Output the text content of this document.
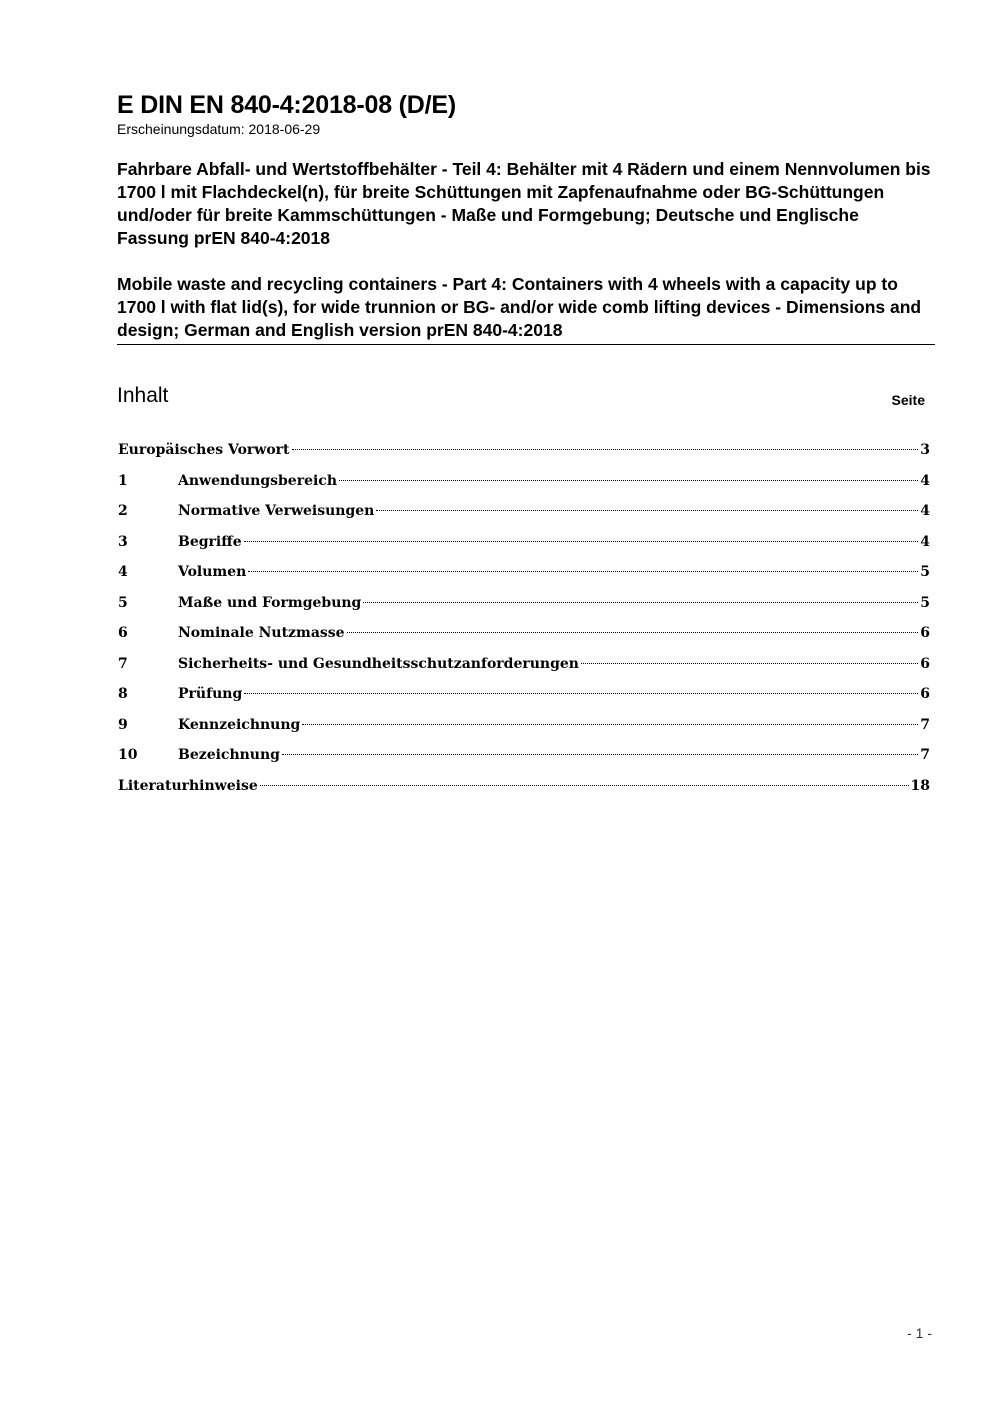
E DIN EN 840-4:2018-08 (D/E)

Erscheinungsdatum: 2018-06-29

Fahrbare Abfall- und Wertstoffbehälter - Teil 4: Behälter mit 4 Rädern und einem Nennvolumen bis 1700 l mit Flachdeckel(n), für breite Schüttungen mit Zapfenaufnahme oder BG-Schüttungen und/oder für breite Kammschüttungen - Maße und Formgebung; Deutsche und Englische Fassung prEN 840-4:2018

Mobile waste and recycling containers - Part 4: Containers with 4 wheels with a capacity up to 1700 l with flat lid(s), for wide trunnion or BG- and/or wide comb lifting devices - Dimensions and design; German and English version prEN 840-4:2018

Inhalt	Seite
Europäisches Vorwort	3
1	Anwendungsbereich	4
2	Normative Verweisungen	4
3	Begriffe	4
4	Volumen	5
5	Maße und Formgebung	5
6	Nominale Nutzmasse	6
7	Sicherheits- und Gesundheitsschutzanforderungen	6
8	Prüfung	6
9	Kennzeichnung	7
10	Bezeichnung	7
Literaturhinweise	18
- 1 -
